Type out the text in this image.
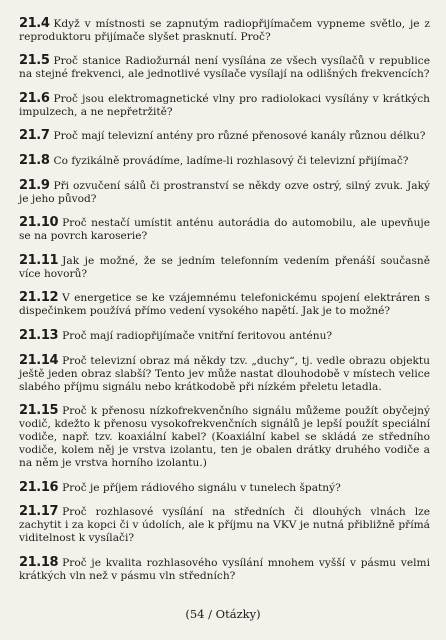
21.4 Když v místnosti se zapnutým radiopřijímačem vypneme světlo, je z reproduktoru přijímače slyšet prasknutí. Proč?

21.5 Proč stanice Radiožurnál není vysílána ze všech vysílačů v republice na stejné frekvenci, ale jednotlivé vysílače vysílají na odlišných frekvencích?

21.6 Proč jsou elektromagnetické vlny pro radiolokaci vysílány v krátkých impulzech, a ne nepřetržitě?

21.7 Proč mají televizní antény pro různé přenosové kanály různou délku?

21.8 Co fyzikálně provádíme, ladíme-li rozhlasový či televizní přijímač?

21.9 Při ozvučení sálů či prostranství se někdy ozve ostrý, silný zvuk. Jaký je jeho původ?

21.10 Proč nestačí umístit anténu autorádia do automobilu, ale upevňuje se na povrch karoserie?

21.11 Jak je možné, že se jedním telefonním vedením přenáší současně více hovorů?

21.12 V energetice se ke vzájemnému telefonickému spojení elektráren s dispečinkem používá přímo vedení vysokého napětí. Jak je to možné?

21.13 Proč mají radiopřijímače vnitřní feritovou anténu?

21.14 Proč televizní obraz má někdy tzv. „duchy“, tj. vedle obrazu objektu ještě jeden obraz slabší? Tento jev může nastat dlouhodobě v místech velice slabého příjmu signálu nebo krátkodobě při nízkém přeletu letadla.

21.15 Proč k přenosu nízkofrekvenčního signálu můžeme použít obyčejný vodič, kdežto k přenosu vysokofrekvenčních signálů je lepší použít speciální vodiče, např. tzv. koaxiální kabel? (Koaxiální kabel se skládá ze středního vodiče, kolem něj je vrstva izolantu, ten je obalen drátky druhého vodiče a na něm je vrstva horního izolantu.)

21.16 Proč je příjem rádiového signálu v tunelech špatný?

21.17 Proč rozhlasové vysílání na středních či dlouhých vlnách lze zachytit i za kopci či v údolích, ale k příjmu na VKV je nutná přibližně přímá viditelnost k vysílači?

21.18 Proč je kvalita rozhlasového vysílání mnohem vyšší v pásmu velmi krátkých vln než v pásmu vln středních?

(54 / Otázky)
